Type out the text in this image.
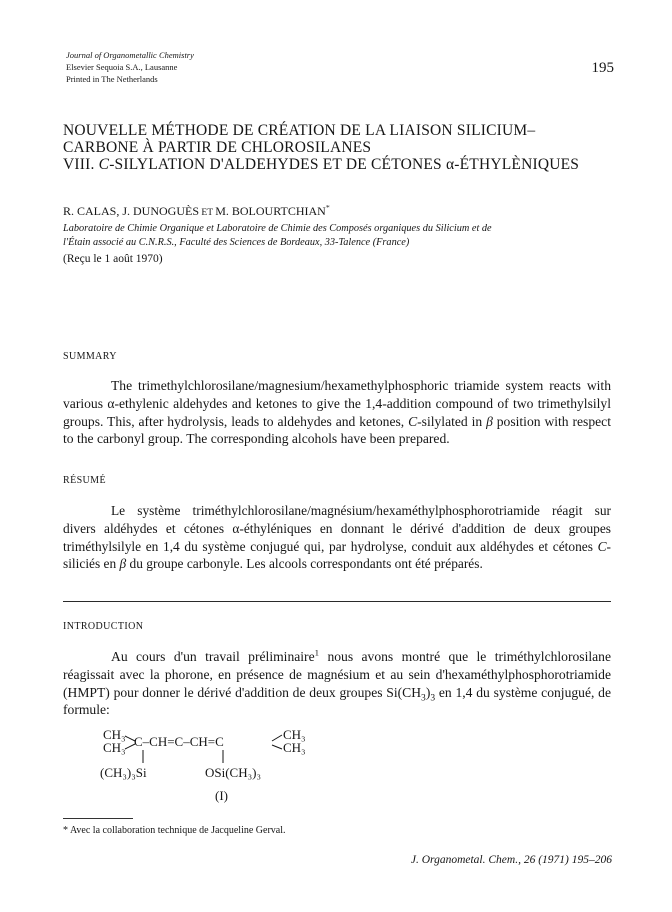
Journal of Organometallic Chemistry
Elsevier Sequoia S.A., Lausanne
Printed in The Netherlands
195
NOUVELLE MÉTHODE DE CRÉATION DE LA LIAISON SILICIUM–
CARBONE À PARTIR DE CHLOROSILANES
VIII. C-SILYLATION D'ALDEHYDES ET DE CÉTONES α-ÉTHYLÈNIQUES
R. CALAS, J. DUNOGUÈS ET M. BOLOURTCHIAN*
Laboratoire de Chimie Organique et Laboratoire de Chimie des Composés organiques du Silicium et de
l'Étain associé au C.N.R.S., Faculté des Sciences de Bordeaux, 33-Talence (France)
(Reçu le 1 août 1970)
SUMMARY
The trimethylchlorosilane/magnesium/hexamethylphosphoric triamide system reacts with various α-ethylenic aldehydes and ketones to give the 1,4-addition compound of two trimethylsilyl groups. This, after hydrolysis, leads to aldehydes and ketones, C-silylated in β position with respect to the carbonyl group. The corresponding alcohols have been prepared.
RÉSUMÉ
Le système triméthylchlorosilane/magnésium/hexaméthylphosphorotriamide réagit sur divers aldéhydes et cétones α-éthyléniques en donnant le dérivé d'addition de deux groupes triméthylsilyle en 1,4 du système conjugué qui, par hydrolyse, conduit aux aldéhydes et cétones C-siliciés en β du groupe carbonyle. Les alcools correspondants ont été préparés.
INTRODUCTION
Au cours d'un travail préliminaire$^1$ nous avons montré que le triméthylchlorosilane réagissait avec la phorone, en présence de magnésium et au sein d'hexaméthylphosphorotriamide (HMPT) pour donner le dérivé d'addition de deux groupes $Si(CH_3)_3$ en 1,4 du système conjugué, de formule:
CH₃
CH₃ C–CH=C–CH=C	CH₃
CH₃
(CH₃)₃Si	OSi(CH₃)₃
(I)
* Avec la collaboration technique de Jacqueline Gerval.
J. Organometal. Chem., 26 (1971) 195–206
